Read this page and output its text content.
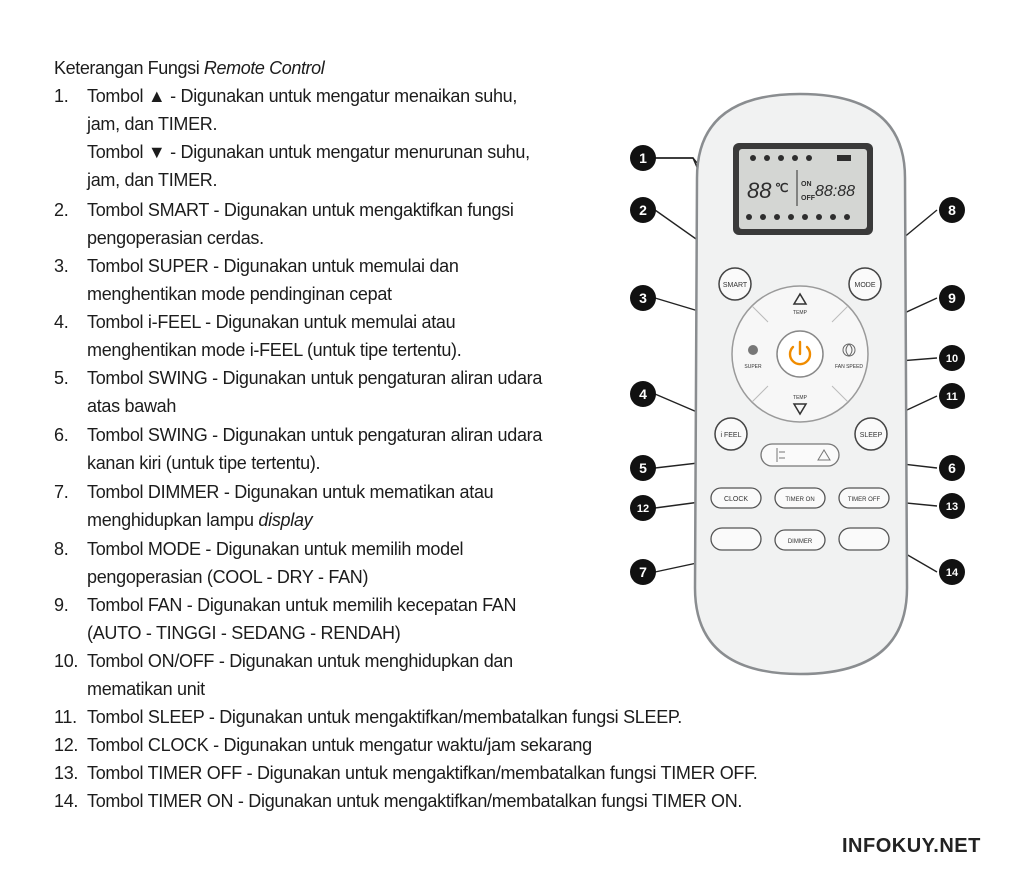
Keterangan Fungsi Remote Control
1. Tombol ▲ - Digunakan untuk mengatur menaikan suhu,
jam, dan TIMER.
Tombol ▼ - Digunakan untuk mengatur menurunan suhu,
jam, dan TIMER.
2. Tombol SMART - Digunakan untuk mengaktifkan fungsi
pengoperasian cerdas.
3. Tombol SUPER - Digunakan untuk memulai dan
menghentikan mode pendinginan cepat
4. Tombol i-FEEL - Digunakan untuk memulai atau
menghentikan mode i-FEEL (untuk tipe tertentu).
5. Tombol SWING - Digunakan untuk pengaturan aliran udara
atas bawah
6. Tombol SWING - Digunakan untuk pengaturan aliran udara
kanan kiri (untuk tipe tertentu).
7. Tombol DIMMER - Digunakan untuk mematikan atau
menghidupkan lampu display
8. Tombol MODE - Digunakan untuk memilih model
pengoperasian (COOL - DRY - FAN)
9. Tombol FAN - Digunakan untuk memilih kecepatan FAN
(AUTO - TINGGI - SEDANG - RENDAH)
10. Tombol ON/OFF - Digunakan untuk menghidupkan dan
mematikan unit
11. Tombol SLEEP - Digunakan untuk mengaktifkan/membatalkan fungsi SLEEP.
12. Tombol CLOCK - Digunakan untuk mengatur waktu/jam sekarang
13. Tombol TIMER OFF - Digunakan untuk mengaktifkan/membatalkan fungsi TIMER OFF.
14. Tombol TIMER ON - Digunakan untuk mengaktifkan/membatalkan fungsi TIMER ON.
88 ℃ ON
OFF 88:88
SMART	MODE
TEMP
TEMP
SUPER	FAN SPEED
i FEEL	SLEEP
CLOCK	TIMER ON	TIMER OFF
DIMMER
1
2
3
4
5	6
7
8
9
10
11
12	13
14
INFOKUY.NET
